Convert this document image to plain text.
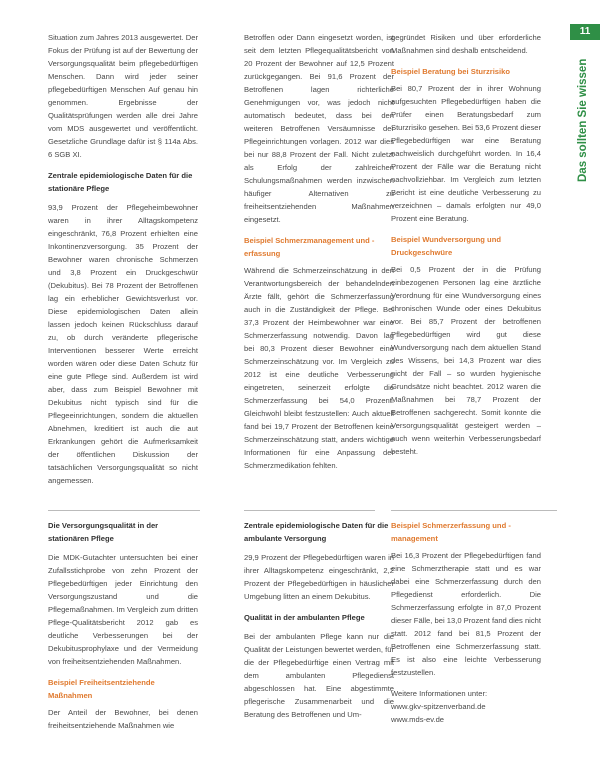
11
Das sollten Sie wissen

Situation zum Jahres 2013 ausgewertet. Der Fokus der Prüfung ist auf der Bewertung der Versorgungsqualität beim pflegebedürftigen Menschen. Dann wird jeder seiner pflegebedürftigen Menschen Auf genau hin genommen. Ergebnisse der Qualitätsprüfungen werden alle drei Jahre vom MDS ausgewertet und veröffentlicht. Gesetzliche Grundlage dafür ist § 114a Abs. 6 SGB XI.

Zentrale epidemiologische Daten für die stationäre Pflege

93,9 Prozent der Pflegeheimbewohner waren in ihrer Alltagskompetenz eingeschränkt, 76,8 Prozent erhielten eine Inkontinenzversorgung. 35 Prozent der Bewohner waren chronische Schmerzen und 3,8 Prozent ein Druckgeschwür (Dekubitus). Bei 78 Prozent der Betroffenen lag ein erheblicher Gewichtsverlust vor. Diese epidemiologischen Daten allein lassen jedoch keinen Rückschluss darauf zu, ob durch veränderte pflegerische Interventionen besserer Werte erreicht worden wären oder diese Daten Schutz für eine gute Pflege sind. Außerdem ist wird aber, dass zum Beispiel Bewohner mit Dekubitus nicht typisch sind für die Pflegeeinrichtungen, sondern die aktuellen Abnehmen, kreditiert ist auch die aut Erkrankungen gehört die Aufmerksamkeit der öffentlichen Diskussion der tatsächlichen Versorgungsqualität so nicht angemessen.

Betroffen oder Dann eingesetzt worden, ist seit dem letzten Pflegequalitätsbericht von 20 Prozent der Bewohner auf 12,5 Prozent zurückgegangen. Bei 91,6 Prozent der Betroffenen lagen richterliche Genehmigungen vor, was jedoch nicht automatisch bedeutet, dass bei den weiteren Betroffenen Versäumnisse der Pflegeinrichtungen vorlagen. 2012 war dies bei nur 88,8 Prozent der Fall. Nicht zuletzt als Erfolg der zahlreichen Schulungsmaßnahmen werden inzwischen häufiger Alternativen zu freiheitsentziehenden Maßnahmen eingesetzt.

Beispiel Schmerzmanagement und -erfassung

Während die Schmerzeinschätzung in den Verantwortungsbereich der behandelnden Ärzte fällt, gehört die Schmerzerfassung auch in die Zuständigkeit der Pflege. Bei 37,3 Prozent der Heimbewohner war eine Schmerzerfassung notwendig. Davon lag bei 80,3 Prozent dieser Bewohner eine Schmerzeinschätzung vor. Im Vergleich zu 2012 ist eine deutliche Verbesserung eingetreten, seinerzeit erfolgte die Schmerzerfassung bei 54,0 Prozent. Gleichwohl bleibt festzustellen: Auch aktuell fand bei 19,7 Prozent der Betroffenen keine Schmerzeinschätzung statt, anders wichtige Informationen für eine Anpassung der Schmerzmedikation fehlten.

gegründet Risiken und über erforderliche Maßnahmen sind deshalb entscheidend.

Beispiel Beratung bei Sturzrisiko

Bei 80,7 Prozent der in ihrer Wohnung aufgesuchten Pflegebedürftigen haben die Prüfer einen Beratungsbedarf zum Sturzrisiko gesehen. Bei 53,6 Prozent dieser Pflegebedürftigen war eine Beratung nachweislich durchgeführt worden. In 16,4 Prozent der Fälle war die Beratung nicht nachvollziehbar. Im Vergleich zum letzten Bericht ist eine deutliche Verbesserung zu verzeichnen – damals erfolgten nur 49,0 Prozent eine Beratung.

Beispiel Wundversorgung und Druckgeschwüre

Bei 0,5 Prozent der in die Prüfung einbezogenen Personen lag eine ärztliche Verordnung für eine Wundversorgung eines chronischen Wunde oder eines Dekubitus vor. Bei 85,7 Prozent der betroffenen Pflegebedürftigen wird gut diese Wundversorgung nach dem aktuellen Stand des Wissens, bei 14,3 Prozent war dies nicht der Fall – so wurden hygienische Grundsätze nicht beachtet. 2012 waren die Maßnahmen bei 78,7 Prozent der Betroffenen sachgerecht. Somit konnte die Versorgungsqualität gesteigert werden – auch wenn weiterhin Verbesserungsbedarf besteht.

Die Versorgungsqualität in der stationären Pflege

Die MDK-Gutachter untersuchten bei einer Zufallsstichprobe von zehn Prozent der Pflegebedürftigen jeder Einrichtung den Versorgungszustand und die Pflegemaßnahmen. Im Vergleich zum dritten Pflege-Qualitätsbericht 2012 gab es deutliche Verbesserungen bei der Dekubitusprophylaxe und der Vermeidung von freiheitsentziehenden Maßnahmen.

Beispiel Freiheitsentziehende Maßnahmen

Der Anteil der Bewohner, bei denen freiheitsentziehende Maßnahmen wie

Zentrale epidemiologische Daten für die ambulante Versorgung

29,9 Prozent der Pflegebedürftigen waren in ihrer Alltagskompetenz eingeschränkt, 2,2 Prozent der Pflegebedürftigen in häuslicher Umgebung litten an einem Dekubitus.

Qualität in der ambulanten Pflege

Bei der ambulanten Pflege kann nur die Qualität der Leistungen bewertet werden, für die der Pflegebedürftige einen Vertrag mit dem ambulanten Pflegedienst abgeschlossen hat. Eine abgestimmte pflegerische Zusammenarbeit und die Beratung des Betroffenen und Um-

Beispiel Schmerzerfassung und -management

Bei 16,3 Prozent der Pflegebedürftigen fand eine Schmerztherapie statt und es war dabei eine Schmerzerfassung durch den Pflegedienst erforderlich. Die Schmerzerfassung erfolgte in 87,0 Prozent dieser Fälle, bei 13,0 Prozent fand dies nicht statt. 2012 fand bei 81,5 Prozent der Betroffenen eine Schmerzerfassung statt. Es ist also eine leichte Verbesserung festzustellen.

Weitere Informationen unter:

www.gkv-spitzenverband.de

www.mds-ev.de
